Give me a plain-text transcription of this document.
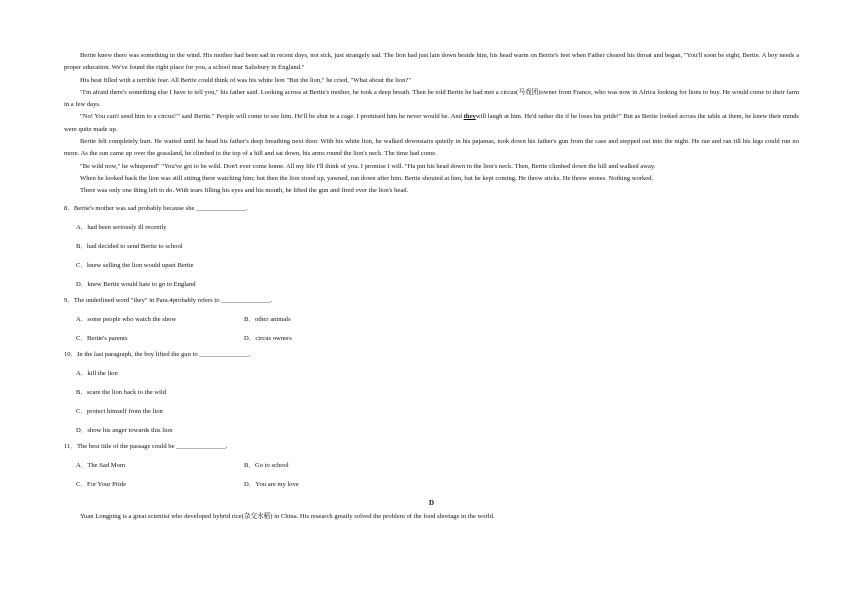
Bertie knew there was something in the wind. His mother had been sad in recent days, not sick, just strangely sad. The lion had just lain down beside him, his head warm on Bertie's feet when Father cleared his throat and began, "You'll soon be eight, Bertie. A boy needs a proper education. We've found the right place for you, a school near Salisbury in England."

His heat filled with a terrible fear. All Bertie could think of was his white lion "But the lion," he cried, "What about the lion?"

"I'm afraid there's something else I have to tell you," his father said. Looking across at Bertie's mother, he took a deep breath. Then he told Bertie he had met a circus(马戏团)owner from France, who was now in Africa looking for lions to buy. He would come to their farm in a few days.

"No! You can't send him to a circus!"' said Bertie." People will come to see him. He'll be shut in a cage. I promised him he never would be. And theywill laugh at him. He'd rather die if he loses his pride!" But as Bertie looked across the table at them, he knew their minds were quite made up.

Bertie felt completely hurt. He waited until he head his father's deep breathing next door. With his white lion, he walked downstairs quietly in his pajamas, took down his father's gun from the case and stepped out into the night. He ran and ran till his legs could run no more. As the sun came up over the grassland, he climbed to the top of a hill and sat down, his arms round the lion's neck. The time had come.

"Be wild now," he whispered" "You've got to be wild. Don't ever come home. All my life I'll think of you. I promise I will. "Ha put his head down in the lion's neck. Then, Bertie climbed down the hill and walked away.

When he looked back the lion was still sitting there watching him; but then the lion stood up, yawned, ran down after him. Bertie shouted at him, but he kept coming. He threw sticks. He threw stones. Nothing worked.

There was only one thing left to do. With tears filling his eyes and his mouth, he lifted the gun and fired over the lion's head.

8．Bertie's mother was sad probably because she _______________.

A．had been seriously ill recently
B．had decided to send Bertie to school
C．knew selling the lion would upset Bertie
D．knew Bertie would hate to go to England

9．The underlined word "they" in Para.4probably refers to _______________.

A．some people who watch the show	B．other animals
C．Bertie's parents	D．circus owners

10．In the last paragraph, the boy lifted the gun to _______________.

A．kill the lion
B．scare the lion back to the wild
C．protect himself from the lion
D．show his anger towards this lion

11．The best title of the passage could be _______________.

A．The Sad Mom	B．Go to school
C．For Your Pride	D．You are my love
D

Yuan Longping is a great scientist who developed hybrid rice(杂交水稻) in China. His research greatly solved the problem of the food shortage in the world.
